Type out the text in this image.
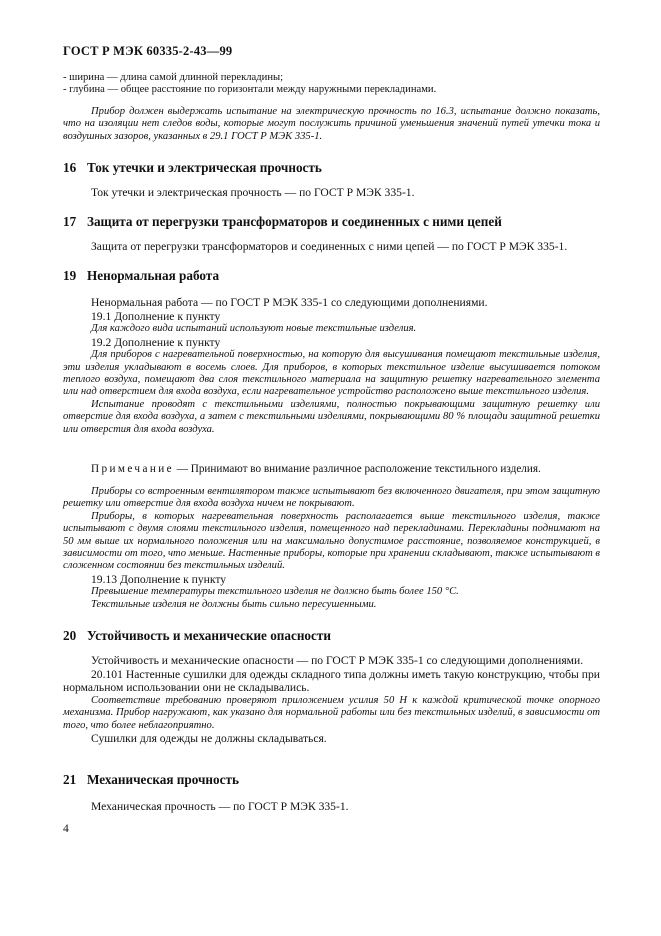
ГОСТ Р МЭК 60335-2-43—99

- ширина — длина самой длинной перекладины;

- глубина — общее расстояние по горизонтали между наружными перекладинами.

Прибор должен выдержать испытание на электрическую прочность по 16.3, испытание должно показать, что на изоляции нет следов воды, которые могут послужить причиной уменьшения значений путей утечки тока и воздушных зазоров, указанных в 29.1 ГОСТ Р МЭК 335-1.

16 Ток утечки и электрическая прочность

Ток утечки и электрическая прочность — по ГОСТ Р МЭК 335-1.

17 Защита от перегрузки трансформаторов и соединенных с ними цепей

Защита от перегрузки трансформаторов и соединенных с ними цепей — по ГОСТ Р МЭК 335-1.

19 Ненормальная работа

Ненормальная работа — по ГОСТ Р МЭК 335-1 со следующими дополнениями.

19.1 Дополнение к пункту

Для каждого вида испытаний используют новые текстильные изделия.

19.2 Дополнение к пункту

Для приборов с нагревательной поверхностью, на которую для высушивания помещают текстильные изделия, эти изделия укладывают в восемь слоев. Для приборов, в которых текстильное изделие высушивается потоком теплого воздуха, помещают два слоя текстильного материала на защитную решетку нагревательного элемента или над отверстием для входа воздуха, если нагревательное устройство расположено выше текстильного изделия.

Испытание проводят с текстильными изделиями, полностью покрывающими защитную решетку или отверстие для входа воздуха, а затем с текстильными изделиями, покрывающими 80 % площади защитной решетки или отверстия для входа воздуха.

Примечание — Принимают во внимание различное расположение текстильного изделия.

Приборы со встроенным вентилятором также испытывают без включенного двигателя, при этом защитную решетку или отверстие для входа воздуха ничем не покрывают.

Приборы, в которых нагревательная поверхность располагается выше текстильного изделия, также испытывают с двумя слоями текстильного изделия, помещенного над перекладинами. Перекладины поднимают на 50 мм выше их нормального положения или на максимально допустимое расстояние, позволяемое конструкцией, в зависимости от того, что меньше. Настенные приборы, которые при хранении складывают, также испытывают в сложенном состоянии без текстильных изделий.

19.13 Дополнение к пункту

Превышение температуры текстильного изделия не должно быть более 150 °С.

Текстильные изделия не должны быть сильно пересушенными.

20 Устойчивость и механические опасности

Устойчивость и механические опасности — по ГОСТ Р МЭК 335-1 со следующими дополнениями.

20.101 Настенные сушилки для одежды складного типа должны иметь такую конструкцию, чтобы при нормальном использовании они не складывались.

Соответствие требованию проверяют приложением усилия 50 Н к каждой критической точке опорного механизма. Прибор нагружают, как указано для нормальной работы или без текстильных изделий, в зависимости от того, что более неблагоприятно.

Сушилки для одежды не должны складываться.

21 Механическая прочность

Механическая прочность — по ГОСТ Р МЭК 335-1.

4
